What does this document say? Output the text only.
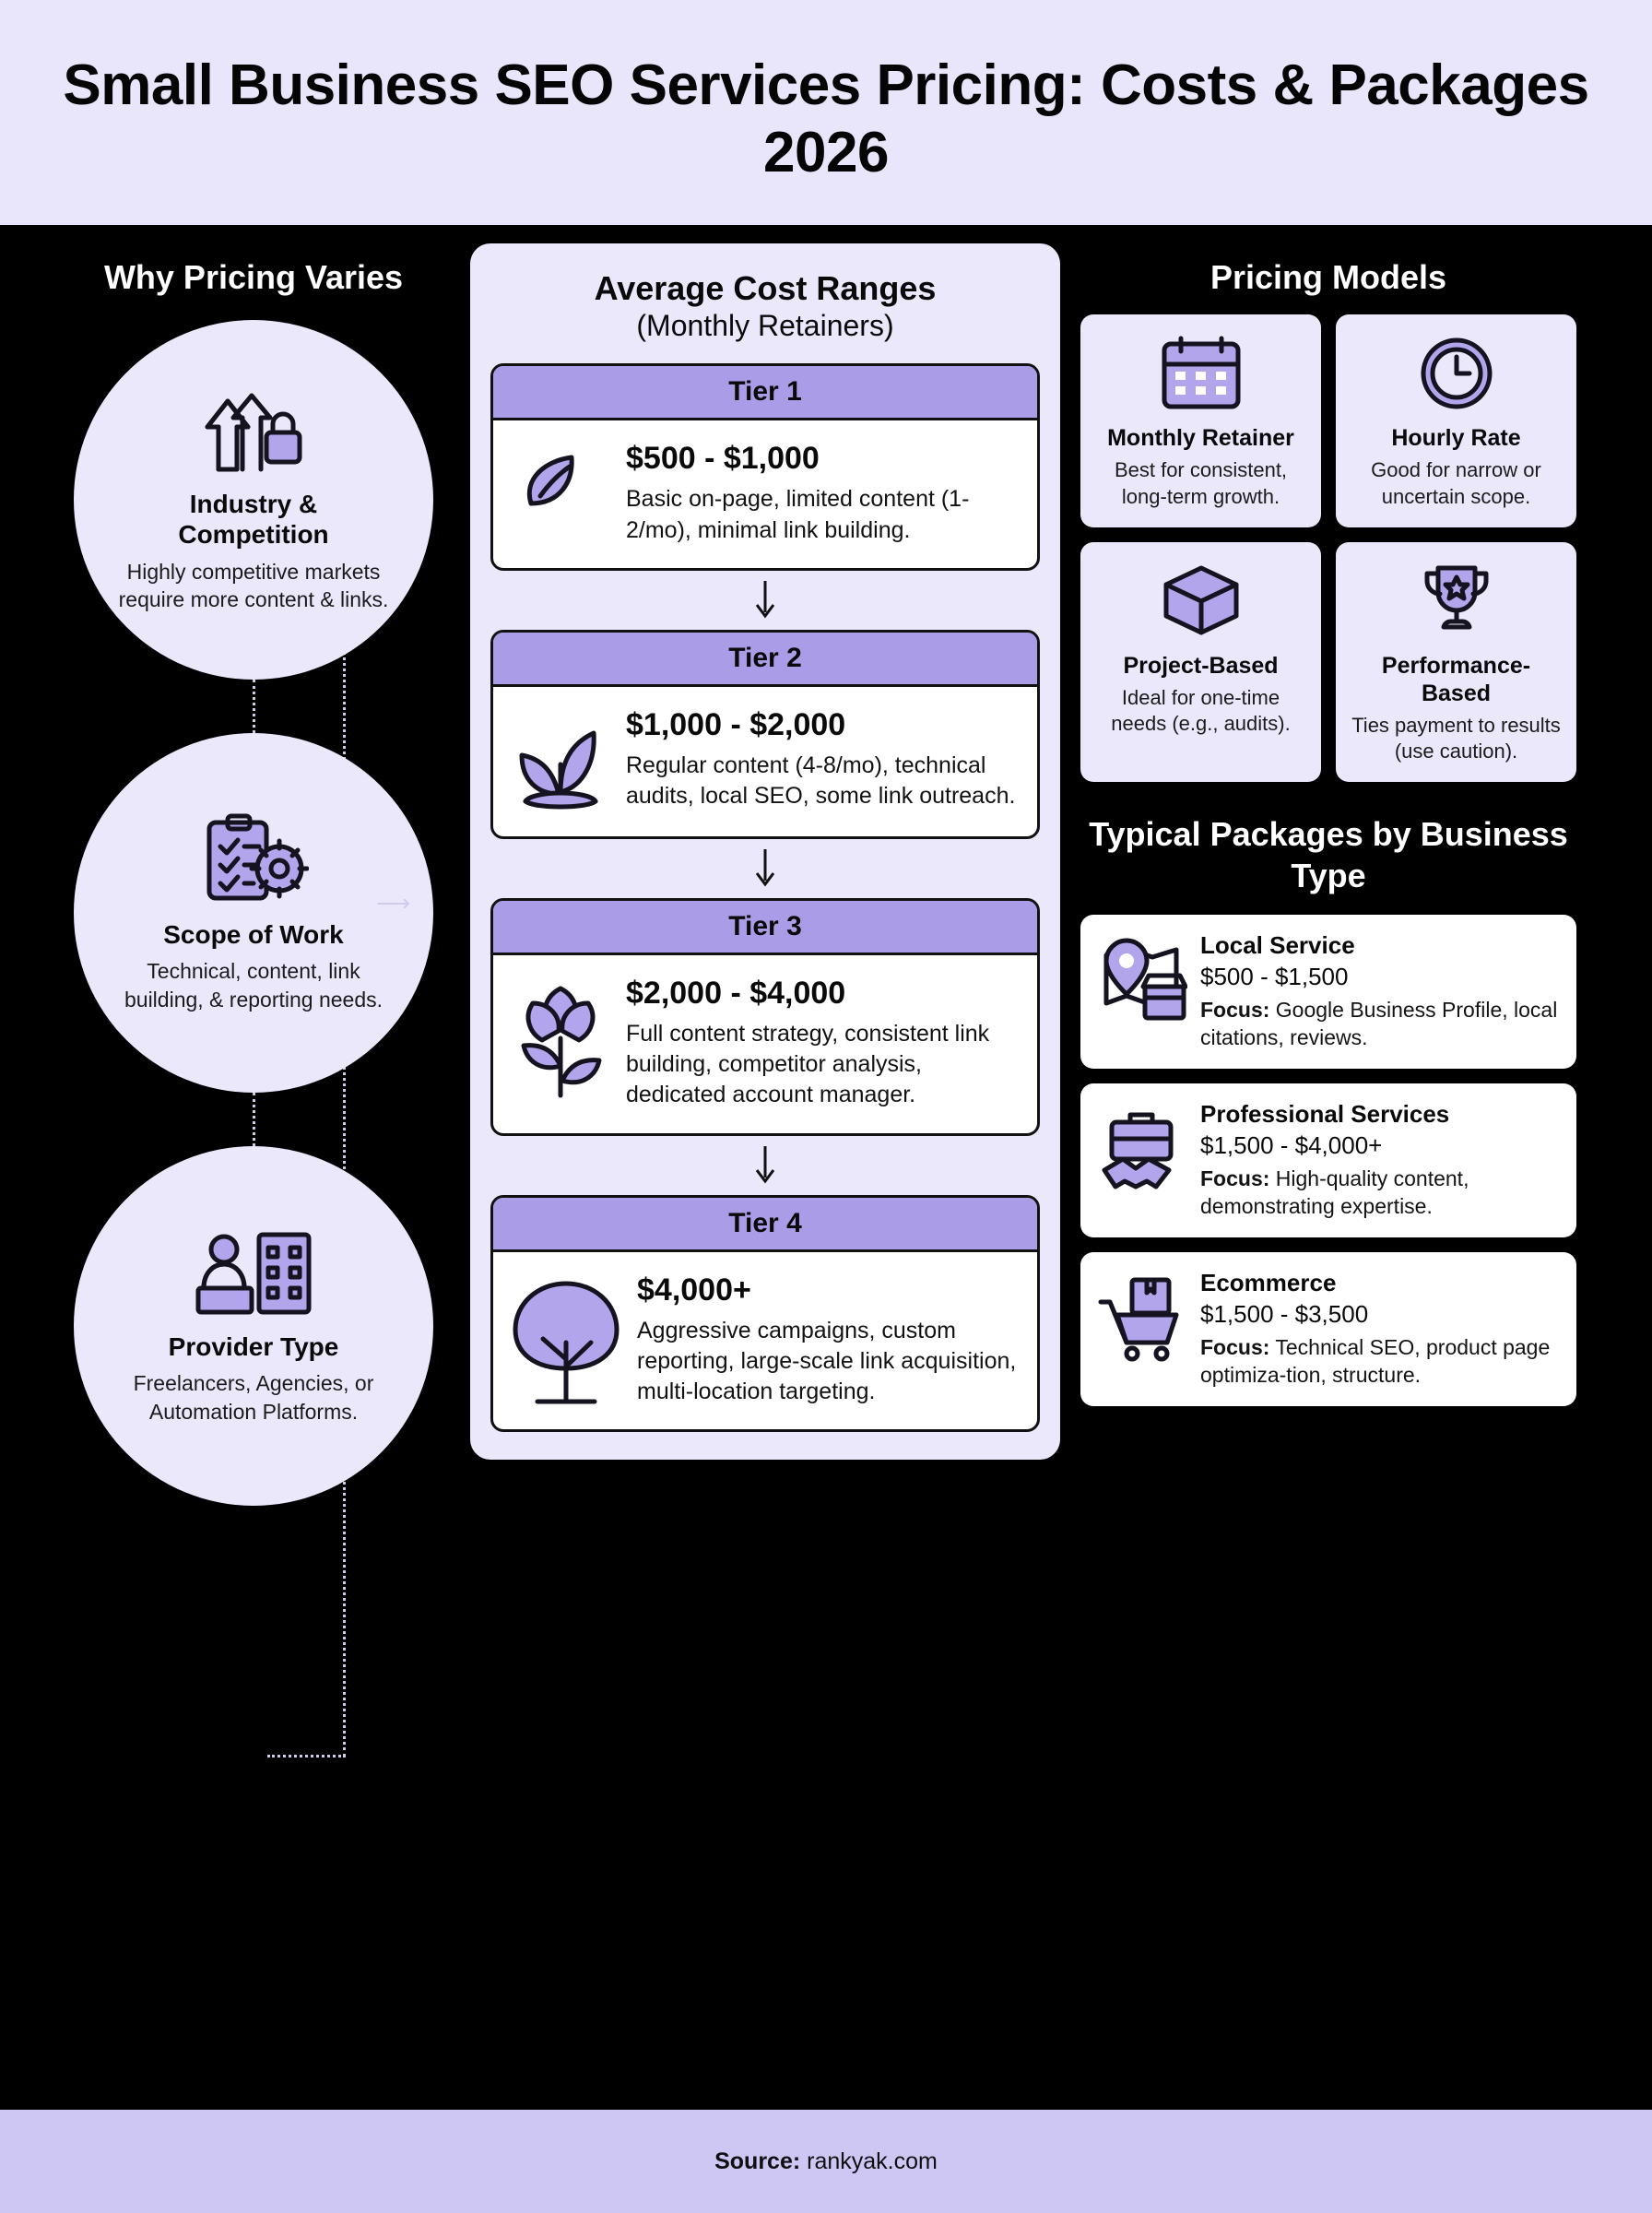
Small Business SEO Services Pricing: Costs & Packages 2026
Why Pricing Varies
⟶
Industry & Competition
Highly competitive markets require more content & links.
Scope of Work
Technical, content, link building, & reporting needs.
Provider Type
Freelancers, Agencies, or Automation Platforms.
Average Cost Ranges
(Monthly Retainers)
Tier 1
$500 - $1,000
Basic on-page, limited content (1-2/mo), minimal link building.
Tier 2
$1,000 - $2,000
Regular content (4-8/mo), technical audits, local SEO, some link outreach.
Tier 3
$2,000 - $4,000
Full content strategy, consistent link building, competitor analysis, dedicated account manager.
Tier 4
$4,000+
Aggressive campaigns, custom reporting, large-scale link acquisition, multi-location targeting.
Pricing Models
Monthly Retainer
Best for consistent, long-term growth.
Hourly Rate
Good for narrow or uncertain scope.
Project-Based
Ideal for one-time needs (e.g., audits).
Performance-Based
Ties payment to results (use caution).
Typical Packages by Business Type
Local Service
$500 - $1,500
Focus: Google Business Profile, local citations, reviews.
Professional Services
$1,500 - $4,000+
Focus: High-quality content, demonstrating expertise.
Ecommerce
$1,500 - $3,500
Focus: Technical SEO, product page optimiza-tion, structure.
Source: rankyak.com
